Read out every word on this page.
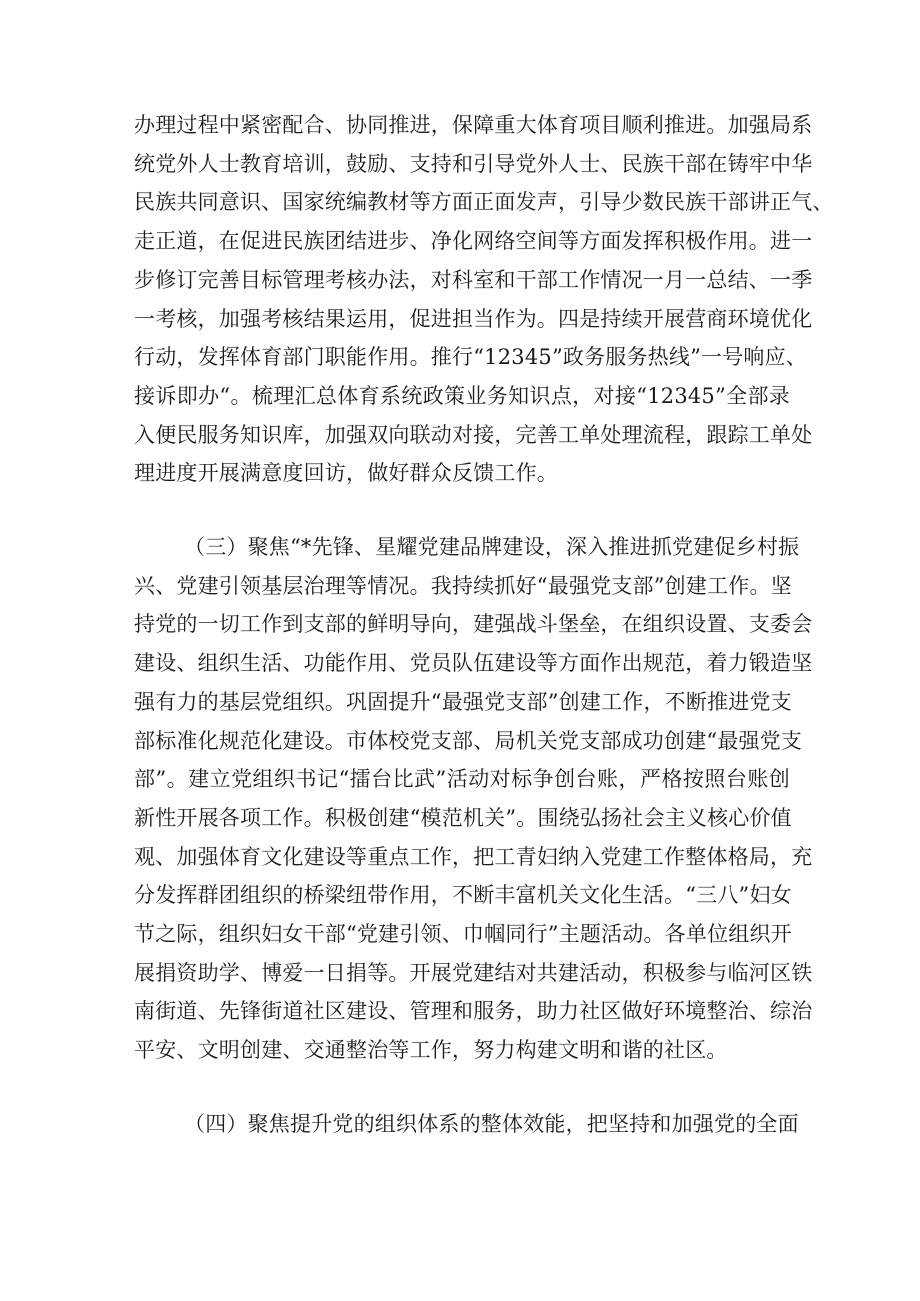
办理过程中紧密配合、协同推进，保障重大体育项目顺利推进。加强局系
统党外人士教育培训，鼓励、支持和引导党外人士、民族干部在铸牢中华
民族共同意识、国家统编教材等方面正面发声，引导少数民族干部讲正气、
走正道，在促进民族团结进步、净化网络空间等方面发挥积极作用。进一
步修订完善目标管理考核办法，对科室和干部工作情况一月一总结、一季
一考核，加强考核结果运用，促进担当作为。四是持续开展营商环境优化
行动，发挥体育部门职能作用。推行“12345”政务服务热线”一号响应、
接诉即办“。梳理汇总体育系统政策业务知识点，对接“12345”全部录
入便民服务知识库，加强双向联动对接，完善工单处理流程，跟踪工单处
理进度开展满意度回访，做好群众反馈工作。
（三）聚焦“*先锋、星耀党建品牌建设，深入推进抓党建促乡村振
兴、党建引领基层治理等情况。我持续抓好“最强党支部”创建工作。坚
持党的一切工作到支部的鲜明导向，建强战斗堡垒，在组织设置、支委会
建设、组织生活、功能作用、党员队伍建设等方面作出规范，着力锻造坚
强有力的基层党组织。巩固提升“最强党支部”创建工作，不断推进党支
部标准化规范化建设。市体校党支部、局机关党支部成功创建“最强党支
部”。建立党组织书记“擂台比武”活动对标争创台账，严格按照台账创
新性开展各项工作。积极创建“模范机关”。围绕弘扬社会主义核心价值
观、加强体育文化建设等重点工作，把工青妇纳入党建工作整体格局，充
分发挥群团组织的桥梁纽带作用，不断丰富机关文化生活。“三八”妇女
节之际，组织妇女干部“党建引领、巾帼同行”主题活动。各单位组织开
展捐资助学、博爱一日捐等。开展党建结对共建活动，积极参与临河区铁
南街道、先锋街道社区建设、管理和服务，助力社区做好环境整治、综治
平安、文明创建、交通整治等工作，努力构建文明和谐的社区。
（四）聚焦提升党的组织体系的整体效能，把坚持和加强党的全面
